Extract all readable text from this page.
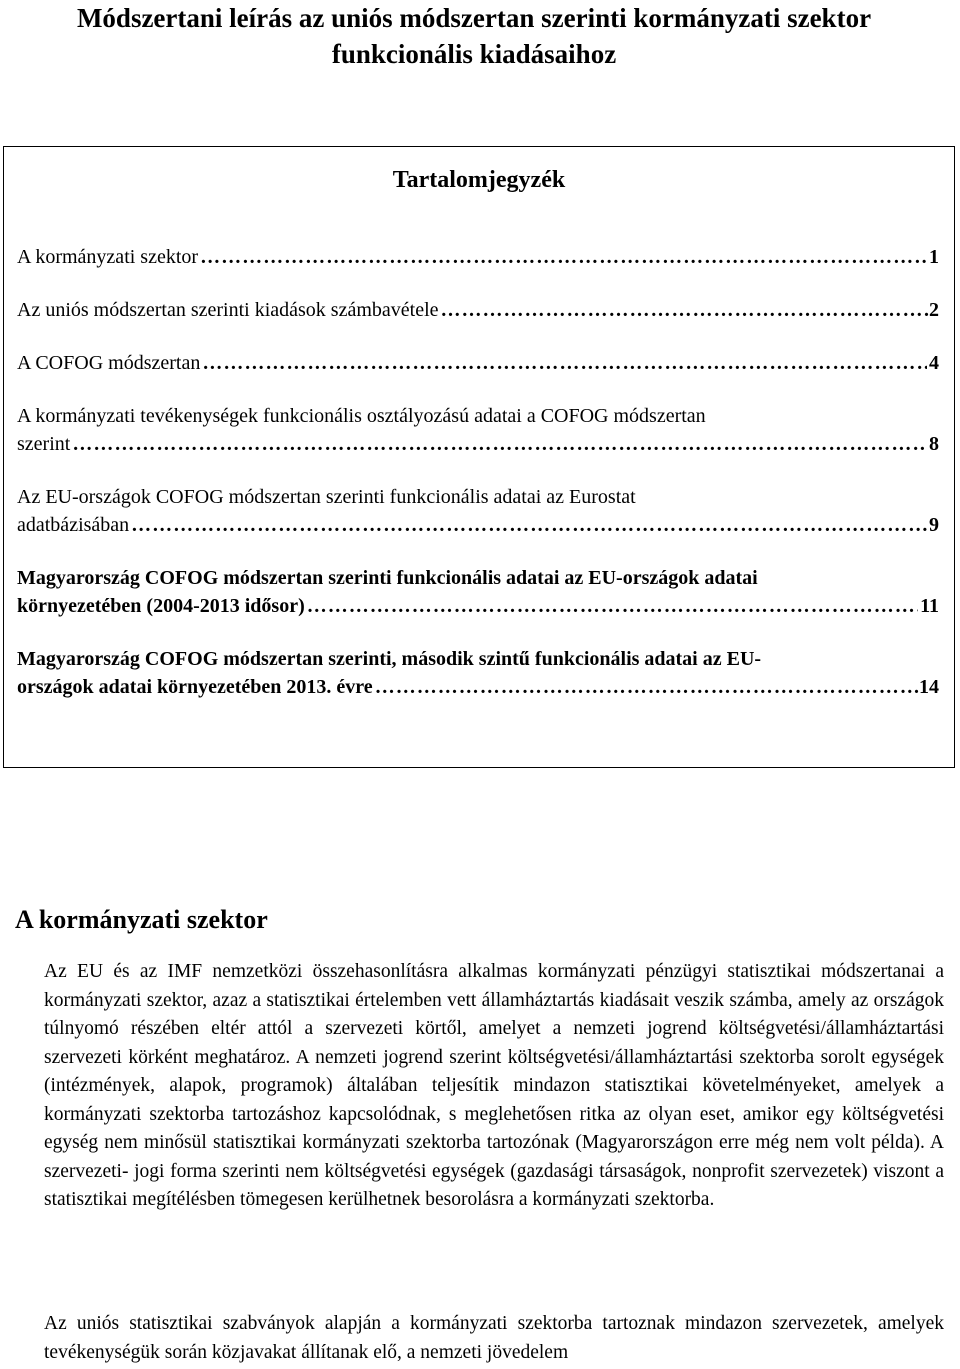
Módszertani leírás az uniós módszertan szerinti kormányzati szektor funkcionális kiadásaihoz
Tartalomjegyzék
A kormányzati szektor ……………………………………………………………………………………………………………………………………………………………………………………	1
Az uniós módszertan szerinti kiadások számbavétele ……………………………………………………………………………………………………………………………………………………………………………………	.2
A COFOG módszertan ……………………………………………………………………………………………………………………………………………………………………………………	4
A kormányzati tevékenységek funkcionális osztályozású adatai a COFOG módszertan
szerint ……………………………………………………………………………………………………………………………………………………………………………………	8
Az EU-országok COFOG módszertan szerinti funkcionális adatai az Eurostat
adatbázisában ……………………………………………………………………………………………………………………………………………………………………………………	9
Magyarország COFOG módszertan szerinti funkcionális adatai az EU-országok adatai
környezetében (2004-2013 idősor) ……………………………………………………………………………………………………………………………………………………………………………………	11
Magyarország COFOG módszertan szerinti, második szintű funkcionális adatai az EU-
országok adatai környezetében 2013. évre ……………………………………………………………………………………………………………………………………………………………………………………	.14
A kormányzati szektor

Az EU és az IMF nemzetközi összehasonlításra alkalmas kormányzati pénzügyi statisztikai módszertanai a kormányzati szektor, azaz a statisztikai értelemben vett államháztartás kiadásait veszik számba, amely az országok túlnyomó részében eltér attól a szervezeti körtől, amelyet a nemzeti jogrend költségvetési/államháztartási szervezeti körként meghatároz. A nemzeti jogrend szerint költségvetési/államháztartási szektorba sorolt egységek (intézmények, alapok, programok) általában teljesítik mindazon statisztikai követelményeket, amelyek a kormányzati szektorba tartozáshoz kapcsolódnak, s meglehetősen ritka az olyan eset, amikor egy költségvetési egység nem minősül statisztikai kormányzati szektorba tartozónak (Magyarországon erre még nem volt példa). A szervezeti- jogi forma szerinti nem költségvetési egységek (gazdasági társaságok, nonprofit szervezetek) viszont a statisztikai megítélésben tömegesen kerülhetnek besorolásra a kormányzati szektorba.

Az uniós statisztikai szabványok alapján a kormányzati szektorba tartoznak mindazon szervezetek, amelyek tevékenységük során közjavakat állítanak elő, a nemzeti jövedelem
